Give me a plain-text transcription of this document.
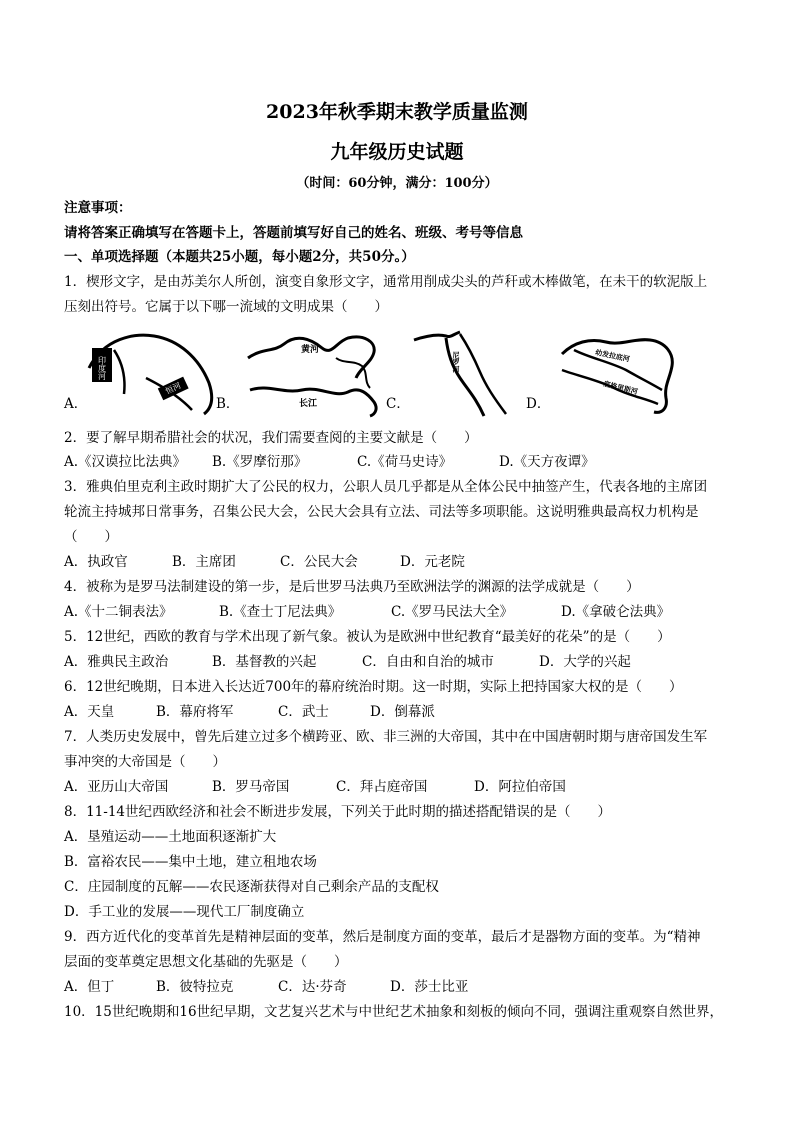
2023年秋季期末教学质量监测
九年级历史试题
（时间：60分钟，满分：100分）
注意事项：
请将答案正确填写在答题卡上，答题前填写好自己的姓名、班级、考号等信息
一、单项选择题（本题共25小题，每小题2分，共50分。）
1．楔形文字，是由苏美尔人所创，演变自象形文字，通常用削成尖头的芦秆或木棒做笔，在未干的软泥版上
压刻出符号。它属于以下哪一流域的文明成果（　　）
A．
印度河
恒河
B．
黄河
长江	C．
尼罗河
D．
幼发拉底河
底格里斯河
2．要了解早期希腊社会的状况，我们需要查阅的主要文献是（　　）
A.《汉谟拉比法典》 B.《罗摩衍那》	C.《荷马史诗》	D.《天方夜谭》
3．雅典伯里克利主政时期扩大了公民的权力，公职人员几乎都是从全体公民中抽签产生，代表各地的主席团
轮流主持城邦日常事务，召集公民大会，公民大会具有立法、司法等多项职能。这说明雅典最高权力机构是
（　　）
A．执政官	B．主席团	C．公民大会	D．元老院
4．被称为是罗马法制建设的第一步，是后世罗马法典乃至欧洲法学的渊源的法学成就是（　　）
A.《十二铜表法》	B.《查士丁尼法典》	C.《罗马民法大全》	D.《拿破仑法典》
5．12世纪，西欧的教育与学术出现了新气象。被认为是欧洲中世纪教育“最美好的花朵”的是（　　）
A．雅典民主政治	B．基督教的兴起	C．自由和自治的城市	D．大学的兴起
6．12世纪晚期，日本进入长达近700年的幕府统治时期。这一时期，实际上把持国家大权的是（　　）
A．天皇	B．幕府将军	C．武士	D．倒幕派
7．人类历史发展中，曾先后建立过多个横跨亚、欧、非三洲的大帝国，其中在中国唐朝时期与唐帝国发生军
事冲突的大帝国是（　　）
A．亚历山大帝国	B．罗马帝国	C．拜占庭帝国	D．阿拉伯帝国
8．11-14世纪西欧经济和社会不断进步发展，下列关于此时期的描述搭配错误的是（　　）
A．垦殖运动——土地面积逐渐扩大
B．富裕农民——集中土地，建立租地农场
C．庄园制度的瓦解——农民逐渐获得对自己剩余产品的支配权
D．手工业的发展——现代工厂制度确立
9．西方近代化的变革首先是精神层面的变革，然后是制度方面的变革，最后才是器物方面的变革。为“精神
层面的变革奠定思想文化基础的先驱是（　　）
A．但丁	B．彼特拉克	C．达·芬奇	D．莎士比亚
10．15世纪晚期和16世纪早期，文艺复兴艺术与中世纪艺术抽象和刻板的倾向不同，强调注重观察自然世界，
